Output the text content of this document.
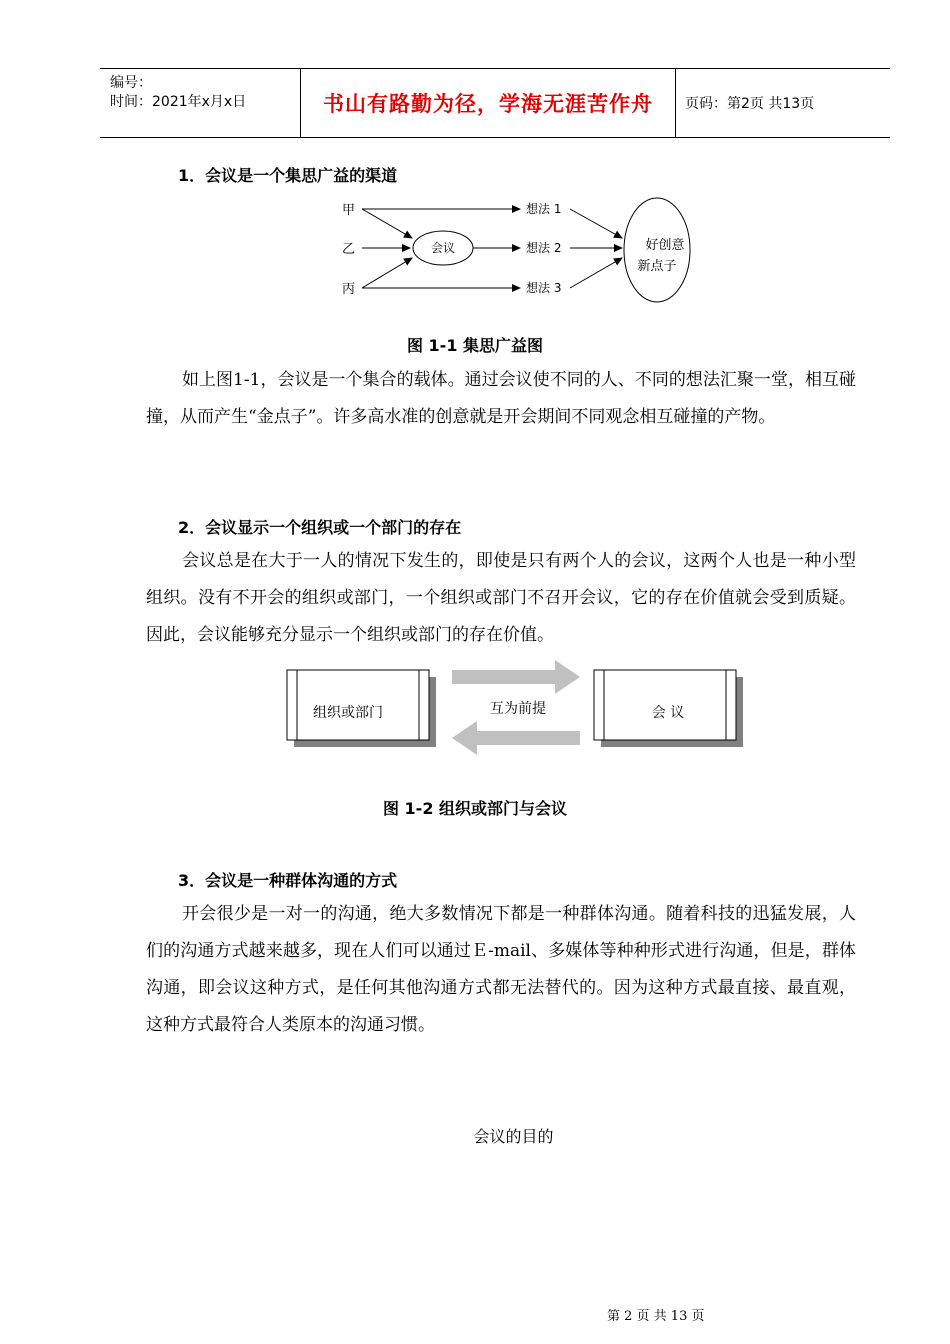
编号：
时间：2021年x月x日	书山有路勤为径，学海无涯苦作舟 页码：第2页 共13页
1．会议是一个集思广益的渠道
甲
乙
丙
会议
想法 1
想法 2
想法 3
好创意
新点子
图 1-1 集思广益图
如上图1-1，会议是一个集合的载体。通过会议使不同的人、不同的想法汇聚一堂，相互碰撞，从而产生“金点子”。许多高水准的创意就是开会期间不同观念相互碰撞的产物。
2．会议显示一个组织或一个部门的存在
会议总是在大于一人的情况下发生的，即使是只有两个人的会议，这两个人也是一种小型组织。没有不开会的组织或部门，一个组织或部门不召开会议，它的存在价值就会受到质疑。因此，会议能够充分显示一个组织或部门的存在价值。
组织或部门	互为前提	会 议
图 1-2 组织或部门与会议
3．会议是一种群体沟通的方式
开会很少是一对一的沟通，绝大多数情况下都是一种群体沟通。随着科技的迅猛发展，人们的沟通方式越来越多，现在人们可以通过Ｅ-mail、多媒体等种种形式进行沟通，但是，群体沟通，即会议这种方式，是任何其他沟通方式都无法替代的。因为这种方式最直接、最直观，这种方式最符合人类原本的沟通习惯。
会议的目的
第 2 页 共 13 页
